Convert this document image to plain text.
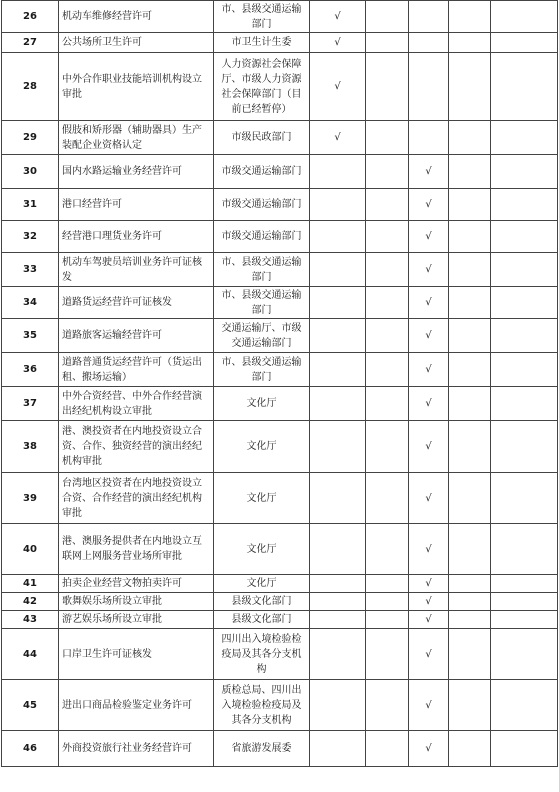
26	机动车维修经营许可	市、县级交通运输部门	√				
27	公共场所卫生许可	市卫生计生委	√				
28	中外合作职业技能培训机构设立审批	人力资源社会保障厅、市级人力资源社会保障部门（目前已经暂停）	√				
29	假肢和矫形器（辅助器具）生产装配企业资格认定	市级民政部门	√				
30	国内水路运输业务经营许可	市级交通运输部门			√		
31	港口经营许可	市级交通运输部门			√		
32	经营港口理货业务许可	市级交通运输部门			√		
33	机动车驾驶员培训业务许可证核发	市、县级交通运输部门			√		
34	道路货运经营许可证核发	市、县级交通运输部门			√		
35	道路旅客运输经营许可	交通运输厅、市级交通运输部门			√		
36	道路普通货运经营许可（货运出租、搬场运输）	市、县级交通运输部门			√		
37	中外合资经营、中外合作经营演出经纪机构设立审批	文化厅			√		
38	港、澳投资者在内地投资设立合资、合作、独资经营的演出经纪机构审批	文化厅			√		
39	台湾地区投资者在内地投资设立合资、合作经营的演出经纪机构审批	文化厅			√		
40	港、澳服务提供者在内地设立互联网上网服务营业场所审批	文化厅			√		
41	拍卖企业经营文物拍卖许可	文化厅			√		
42	歌舞娱乐场所设立审批	县级文化部门			√		
43	游艺娱乐场所设立审批	县级文化部门			√		
44	口岸卫生许可证核发	四川出入境检验检疫局及其各分支机构			√		
45	进出口商品检验鉴定业务许可	质检总局、四川出入境检验检疫局及其各分支机构			√		
46	外商投资旅行社业务经营许可	省旅游发展委			√		
